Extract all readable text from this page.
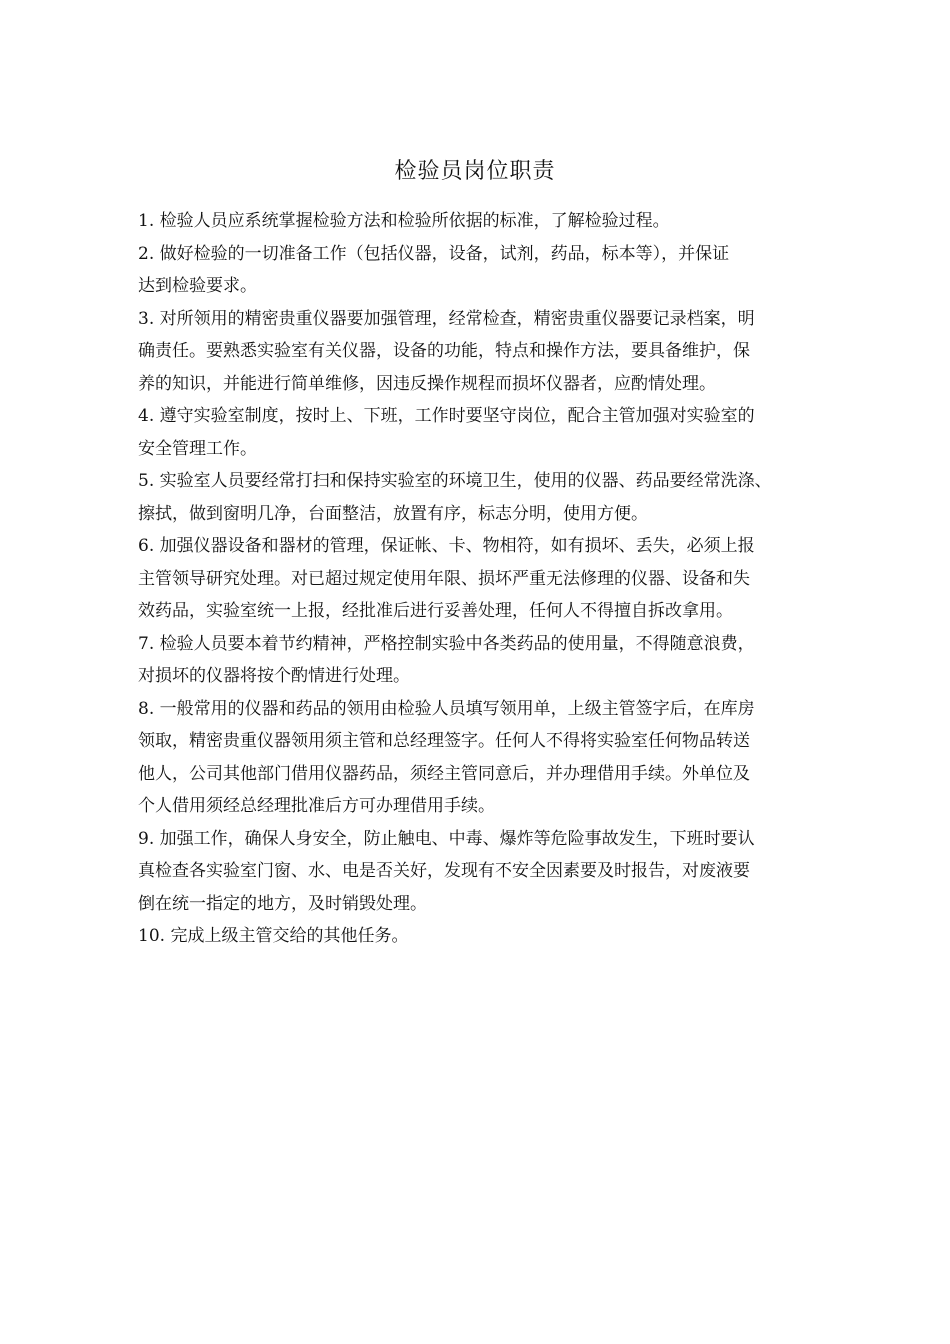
检验员岗位职责

1. 检验人员应系统掌握检验方法和检验所依据的标准，了解检验过程。

2. 做好检验的一切准备工作（包括仪器，设备，试剂，药品，标本等），并保证
达到检验要求。

3. 对所领用的精密贵重仪器要加强管理，经常检查，精密贵重仪器要记录档案，明
确责任。要熟悉实验室有关仪器，设备的功能，特点和操作方法，要具备维护，保
养的知识，并能进行简单维修，因违反操作规程而损坏仪器者，应酌情处理。

4. 遵守实验室制度，按时上、下班，工作时要坚守岗位，配合主管加强对实验室的
安全管理工作。

5. 实验室人员要经常打扫和保持实验室的环境卫生，使用的仪器、药品要经常洗涤、
擦拭，做到窗明几净，台面整洁，放置有序，标志分明，使用方便。

6. 加强仪器设备和器材的管理，保证帐、卡、物相符，如有损坏、丢失，必须上报
主管领导研究处理。对已超过规定使用年限、损坏严重无法修理的仪器、设备和失
效药品，实验室统一上报，经批准后进行妥善处理，任何人不得擅自拆改拿用。

7. 检验人员要本着节约精神，严格控制实验中各类药品的使用量，不得随意浪费，
对损坏的仪器将按个酌情进行处理。

8. 一般常用的仪器和药品的领用由检验人员填写领用单，上级主管签字后，在库房
领取，精密贵重仪器领用须主管和总经理签字。任何人不得将实验室任何物品转送
他人，公司其他部门借用仪器药品，须经主管同意后，并办理借用手续。外单位及
个人借用须经总经理批准后方可办理借用手续。

9. 加强工作，确保人身安全，防止触电、中毒、爆炸等危险事故发生，下班时要认
真检查各实验室门窗、水、电是否关好，发现有不安全因素要及时报告，对废液要
倒在统一指定的地方，及时销毁处理。

10. 完成上级主管交给的其他任务。
